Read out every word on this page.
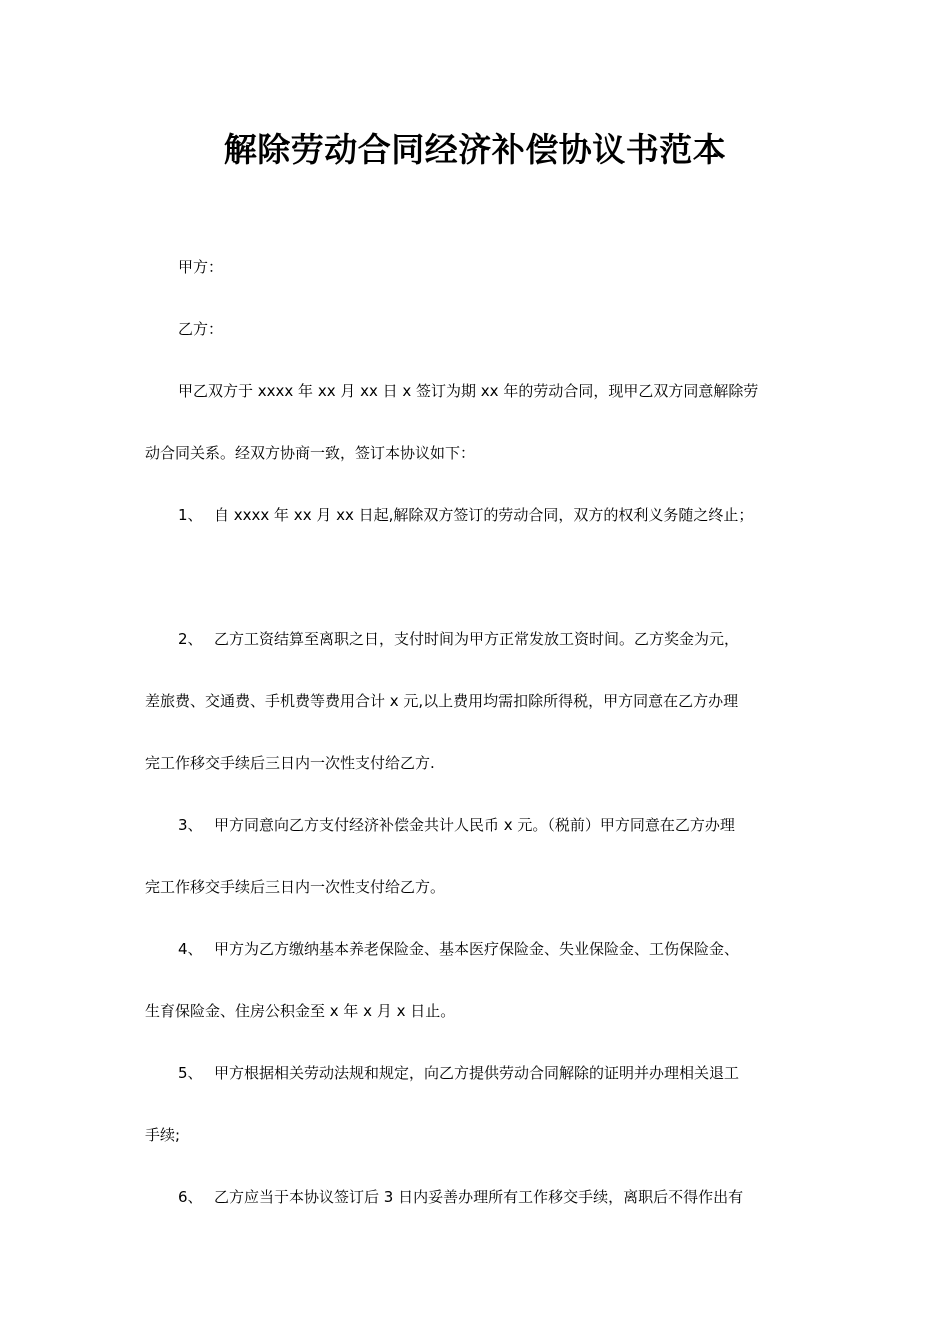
解除劳动合同经济补偿协议书范本

甲方：

乙方：

甲乙双方于 xxxx 年 xx 月 xx 日 x 签订为期 xx 年的劳动合同，现甲乙双方同意解除劳

动合同关系。经双方协商一致，签订本协议如下：

1、 自 xxxx 年 xx 月 xx 日起,解除双方签订的劳动合同，双方的权利义务随之终止；
2、 乙方工资结算至离职之日，支付时间为甲方正常发放工资时间。乙方奖金为元，

差旅费、交通费、手机费等费用合计 x 元,以上费用均需扣除所得税，甲方同意在乙方办理

完工作移交手续后三日内一次性支付给乙方.

3、 甲方同意向乙方支付经济补偿金共计人民币 x 元。（税前）甲方同意在乙方办理

完工作移交手续后三日内一次性支付给乙方。

4、 甲方为乙方缴纳基本养老保险金、基本医疗保险金、失业保险金、工伤保险金、

生育保险金、住房公积金至 x 年 x 月 x 日止。

5、 甲方根据相关劳动法规和规定，向乙方提供劳动合同解除的证明并办理相关退工

手续;

6、 乙方应当于本协议签订后 3 日内妥善办理所有工作移交手续，离职后不得作出有
